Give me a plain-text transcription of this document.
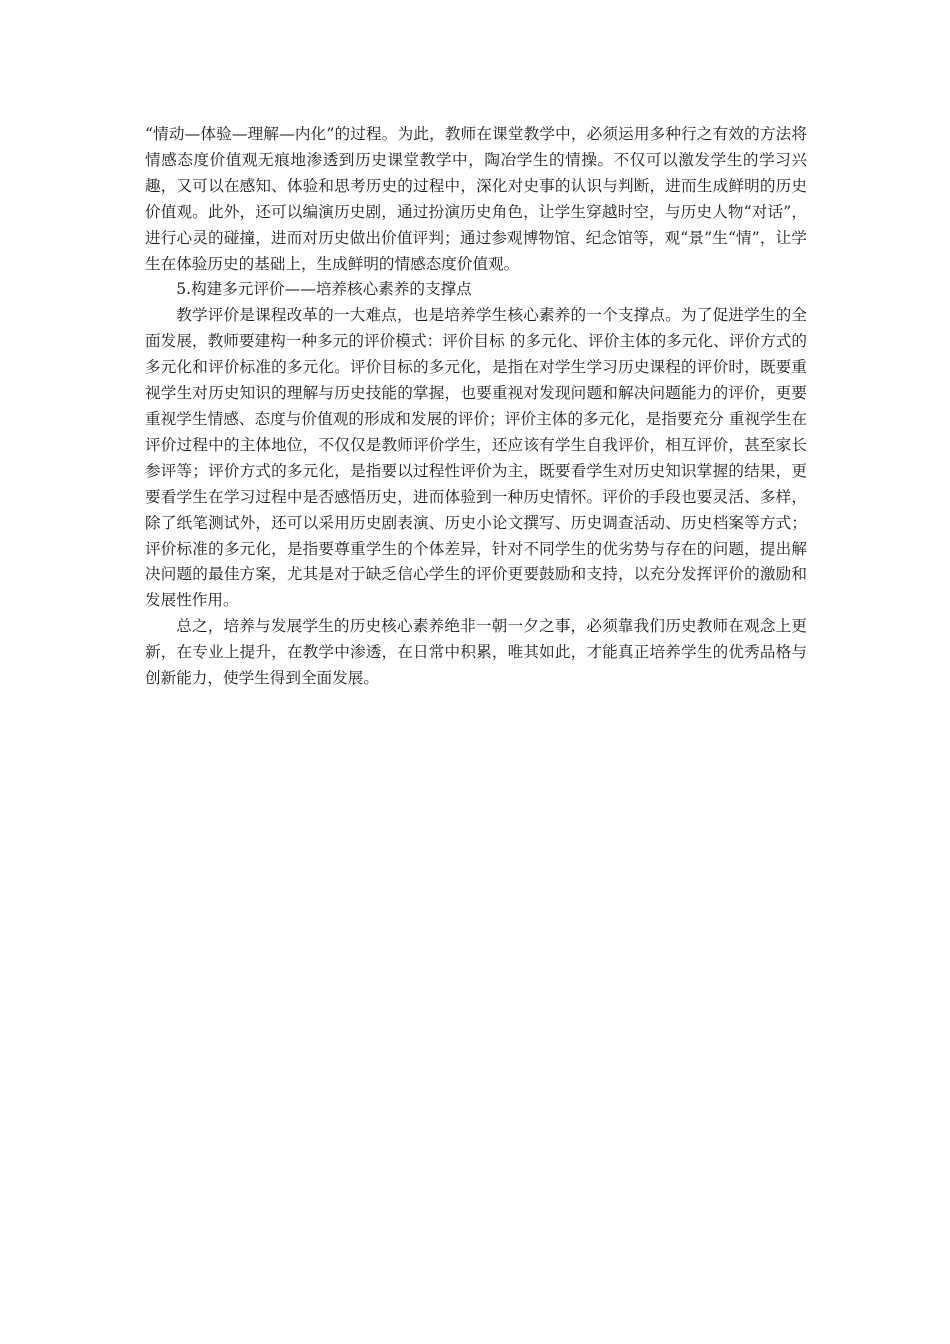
“情动—体验—理解—内化”的过程。为此，教师在课堂教学中，必须运用多种行之有效的方法将情感态度价值观无痕地渗透到历史课堂教学中，陶冶学生的情操。不仅可以激发学生的学习兴趣，又可以在感知、体验和思考历史的过程中，深化对史事的认识与判断，进而生成鲜明的历史价值观。此外，还可以编演历史剧，通过扮演历史角色，让学生穿越时空，与历史人物“对话”，进行心灵的碰撞，进而对历史做出价值评判；通过参观博物馆、纪念馆等，观“景”生“情”，让学生在体验历史的基础上，生成鲜明的情感态度价值观。

5.构建多元评价——培养核心素养的支撑点

教学评价是课程改革的一大难点，也是培养学生核心素养的一个支撑点。为了促进学生的全面发展，教师要建构一种多元的评价模式：评价目标 的多元化、评价主体的多元化、评价方式的多元化和评价标准的多元化。评价目标的多元化，是指在对学生学习历史课程的评价时，既要重视学生对历史知识的理解与历史技能的掌握，也要重视对发现问题和解决问题能力的评价，更要重视学生情感、态度与价值观的形成和发展的评价；评价主体的多元化，是指要充分 重视学生在评价过程中的主体地位，不仅仅是教师评价学生，还应该有学生自我评价，相互评价，甚至家长参评等；评价方式的多元化，是指要以过程性评价为主，既要看学生对历史知识掌握的结果，更要看学生在学习过程中是否感悟历史，进而体验到一种历史情怀。评价的手段也要灵活、多样，除了纸笔测试外，还可以采用历史剧表演、历史小论文撰写、历史调查活动、历史档案等方式；评价标准的多元化，是指要尊重学生的个体差异，针对不同学生的优劣势与存在的问题，提出解决问题的最佳方案，尤其是对于缺乏信心学生的评价更要鼓励和支持，以充分发挥评价的激励和发展性作用。

总之，培养与发展学生的历史核心素养绝非一朝一夕之事，必须靠我们历史教师在观念上更新，在专业上提升，在教学中渗透，在日常中积累，唯其如此，才能真正培养学生的优秀品格与创新能力，使学生得到全面发展。
